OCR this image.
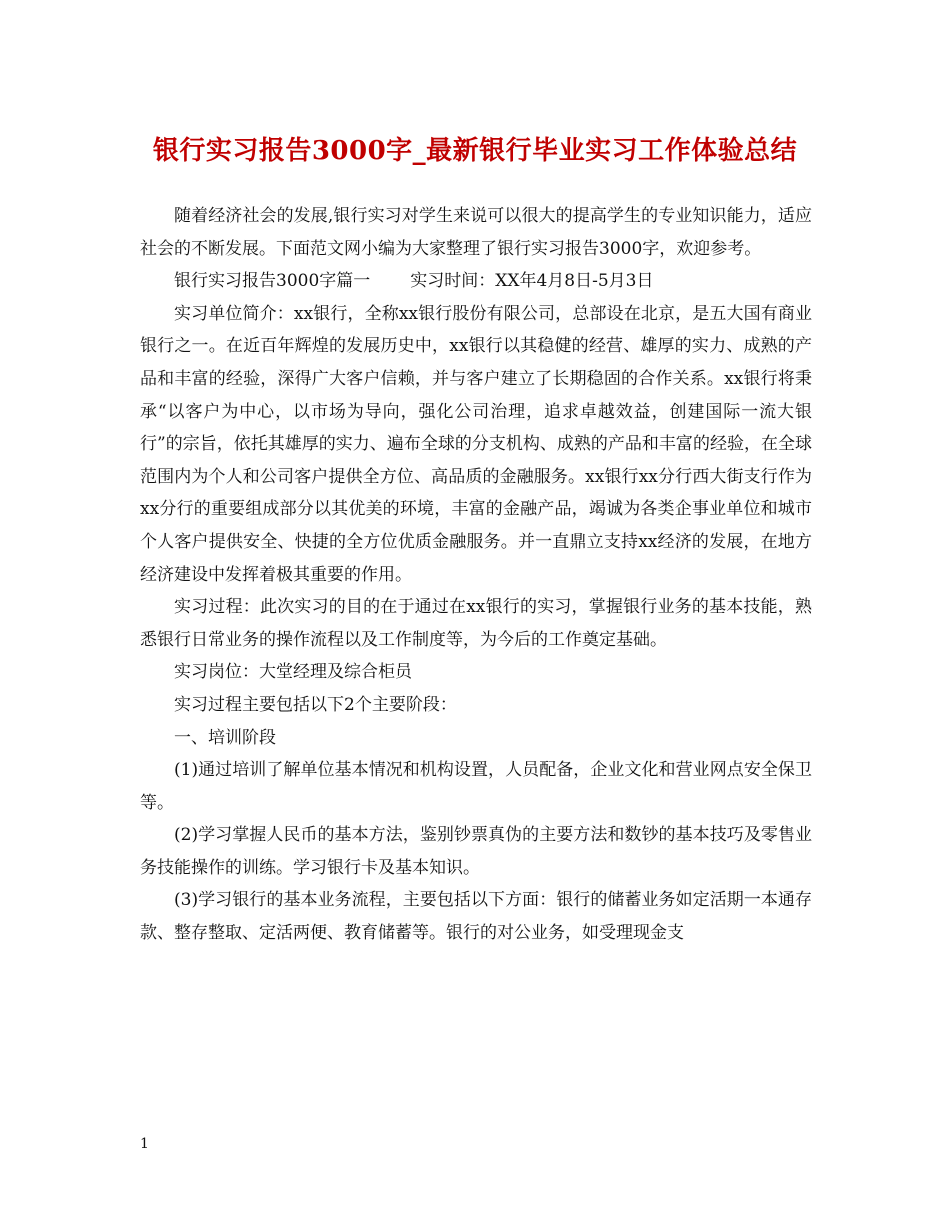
银行实习报告3000字_最新银行毕业实习工作体验总结

随着经济社会的发展,银行实习对学生来说可以很大的提高学生的专业知识能力，适应社会的不断发展。下面范文网小编为大家整理了银行实习报告3000字，欢迎参考。

银行实习报告3000字篇一 实习时间：XX年4月8日-5月3日

实习单位简介：xx银行，全称xx银行股份有限公司，总部设在北京，是五大国有商业银行之一。在近百年辉煌的发展历史中，xx银行以其稳健的经营、雄厚的实力、成熟的产品和丰富的经验，深得广大客户信赖，并与客户建立了长期稳固的合作关系。xx银行将秉承“以客户为中心，以市场为导向，强化公司治理，追求卓越效益，创建国际一流大银行”的宗旨，依托其雄厚的实力、遍布全球的分支机构、成熟的产品和丰富的经验，在全球范围内为个人和公司客户提供全方位、高品质的金融服务。xx银行xx分行西大街支行作为xx分行的重要组成部分以其优美的环境，丰富的金融产品，竭诚为各类企事业单位和城市个人客户提供安全、快捷的全方位优质金融服务。并一直鼎立支持xx经济的发展，在地方经济建设中发挥着极其重要的作用。

实习过程：此次实习的目的在于通过在xx银行的实习，掌握银行业务的基本技能，熟悉银行日常业务的操作流程以及工作制度等，为今后的工作奠定基础。

实习岗位：大堂经理及综合柜员

实习过程主要包括以下2个主要阶段：

一、培训阶段

(1)通过培训了解单位基本情况和机构设置，人员配备，企业文化和营业网点安全保卫等。

(2)学习掌握人民币的基本方法，鉴别钞票真伪的主要方法和数钞的基本技巧及零售业务技能操作的训练。学习银行卡及基本知识。

(3)学习银行的基本业务流程，主要包括以下方面：银行的储蓄业务如定活期一本通存款、整存整取、定活两便、教育储蓄等。银行的对公业务，如受理现金支

1
